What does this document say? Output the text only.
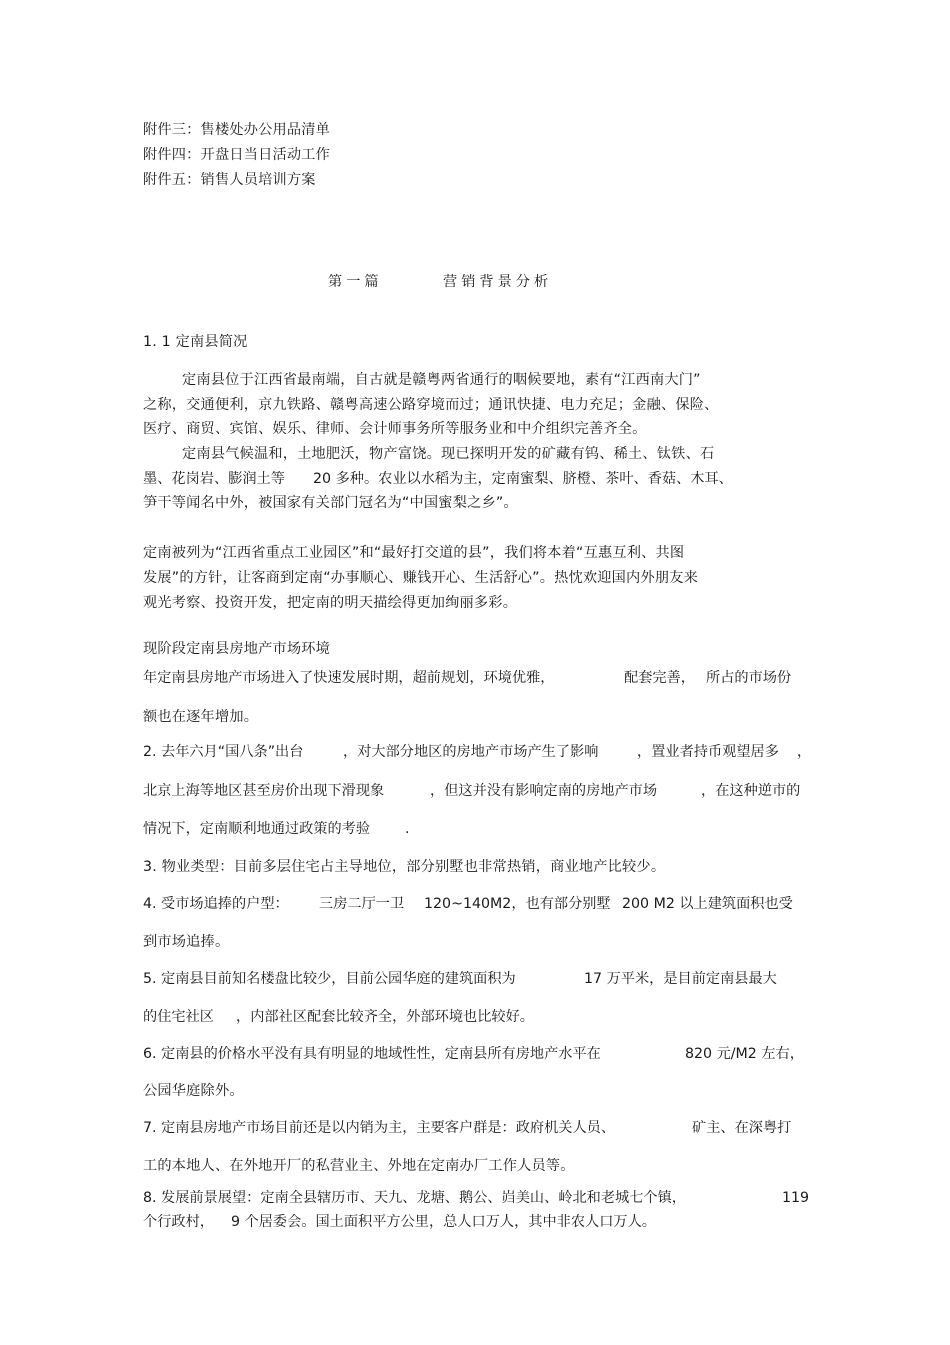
附件三：售楼处办公用品清单
附件四：开盘日当日活动工作
附件五：销售人员培训方案
第一篇	营销背景分析
1. 1 定南县简况
定南县位于江西省最南端，自古就是赣粤两省通行的咽候要地，素有“江西南大门”
之称，交通便利，京九铁路、赣粤高速公路穿境而过；通讯快捷、电力充足；金融、保险、
医疗、商贸、宾馆、娱乐、律师、会计师事务所等服务业和中介组织完善齐全。
定南县气候温和，土地肥沃，物产富饶。现已探明开发的矿藏有钨、稀土、钛铁、石
墨、花岗岩、膨润土等 20 多种。农业以水稻为主，定南蜜梨、脐橙、茶叶、香菇、木耳、
笋干等闻名中外，被国家有关部门冠名为“中国蜜梨之乡”。
定南被列为“江西省重点工业园区”和“最好打交道的县”，我们将本着“互惠互利、共图
发展”的方针，让客商到定南“办事顺心、赚钱开心、生活舒心”。热忱欢迎国内外朋友来
观光考察、投资开发，把定南的明天描绘得更加绚丽多彩。
现阶段定南县房地产市场环境
年定南县房地产市场进入了快速发展时期，超前规划，环境优雅，	配套完善， 所占的市场份
额也在逐年增加。
2. 去年六月“国八条”出台	，对大部分地区的房地产市场产生了影响	，置业者持币观望居多 ，
北京上海等地区甚至房价出现下滑现象	，但这并没有影响定南的房地产市场	，在这种逆市的
情况下，定南顺利地通过政策的考验 .
3. 物业类型：目前多层住宅占主导地位，部分别墅也非常热销，商业地产比较少。
4. 受市场追捧的户型： 三房二厅一卫 120~140M2，也有部分别墅 200 M2 以上建筑面积也受
到市场追捧。
5. 定南县目前知名楼盘比较少，目前公园华庭的建筑面积为	17 万平米，是目前定南县最大
的住宅社区 ，内部社区配套比较齐全，外部环境也比较好。
6. 定南县的价格水平没有具有明显的地域性性，定南县所有房地产水平在	820 元/M2 左右，
公园华庭除外。
7. 定南县房地产市场目前还是以内销为主，主要客户群是：政府机关人员、	矿主、在深粤打
工的本地人、在外地开厂的私营业主、外地在定南办厂工作人员等。
8. 发展前景展望：定南全县辖历市、天九、龙塘、鹅公、岿美山、岭北和老城七个镇，	119
个行政村， 9 个居委会。国土面积平方公里，总人口万人，其中非农人口万人。
